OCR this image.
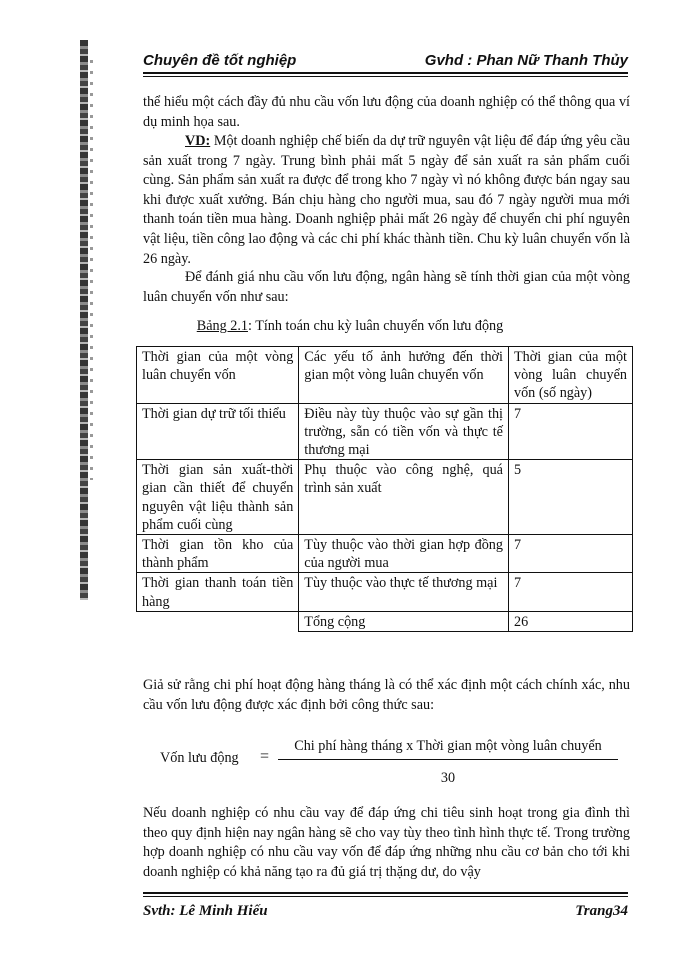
Chuyên đề tốt nghiệp	Gvhd : Phan Nữ Thanh Thủy

thể hiểu một cách đầy đủ nhu cầu vốn lưu động của doanh nghiệp có thể thông qua ví dụ minh họa sau.

VD: Một doanh nghiệp chế biến da dự trữ nguyên vật liệu để đáp ứng yêu cầu sản xuất trong 7 ngày. Trung bình phải mất 5 ngày để sản xuất ra sản phẩm cuối cùng. Sản phẩm sản xuất ra được để trong kho 7 ngày vì nó không được bán ngay sau khi được xuất xưởng. Bán chịu hàng cho người mua, sau đó 7 ngày người mua mới thanh toán tiền mua hàng. Doanh nghiệp phải mất 26 ngày để chuyển chi phí nguyên vật liệu, tiền công lao động và các chi phí khác thành tiền. Chu kỳ luân chuyển vốn là 26 ngày.

Để đánh giá nhu cầu vốn lưu động, ngân hàng sẽ tính thời gian của một vòng luân chuyển vốn như sau:

Bảng 2.1: Tính toán chu kỳ luân chuyển vốn lưu động
Thời gian của một vòng luân chuyển vốn	Các yếu tố ảnh hưởng đến thời gian một vòng luân chuyển vốn	Thời gian của một vòng luân chuyển vốn (số ngày)
Thời gian dự trữ tối thiểu	Điều này tùy thuộc vào sự gần thị trường, sẵn có tiền vốn và thực tế thương mại	7
Thời gian sản xuất-thời gian cần thiết để chuyển nguyên vật liệu thành sản phẩm cuối cùng	Phụ thuộc vào công nghệ, quá trình sản xuất	5
Thời gian tồn kho của thành phẩm	Tùy thuộc vào thời gian hợp đồng của người mua	7
Thời gian thanh toán tiền hàng	Tùy thuộc vào thực tế thương mại	7
	Tổng cộng	26

Giả sử rằng chi phí hoạt động hàng tháng là có thể xác định một cách chính xác, nhu cầu vốn lưu động được xác định bởi công thức sau:

Vốn lưu động =
Chi phí hàng tháng x Thời gian một vòng luân chuyển
30

Nếu doanh nghiệp có nhu cầu vay để đáp ứng chi tiêu sinh hoạt trong gia đình thì theo quy định hiện nay ngân hàng sẽ cho vay tùy theo tình hình thực tế. Trong trường hợp doanh nghiệp có nhu cầu vay vốn để đáp ứng những nhu cầu cơ bản cho tới khi doanh nghiệp có khả năng tạo ra đủ giá trị thặng dư, do vậy

Svth: Lê Minh Hiếu	Trang34
